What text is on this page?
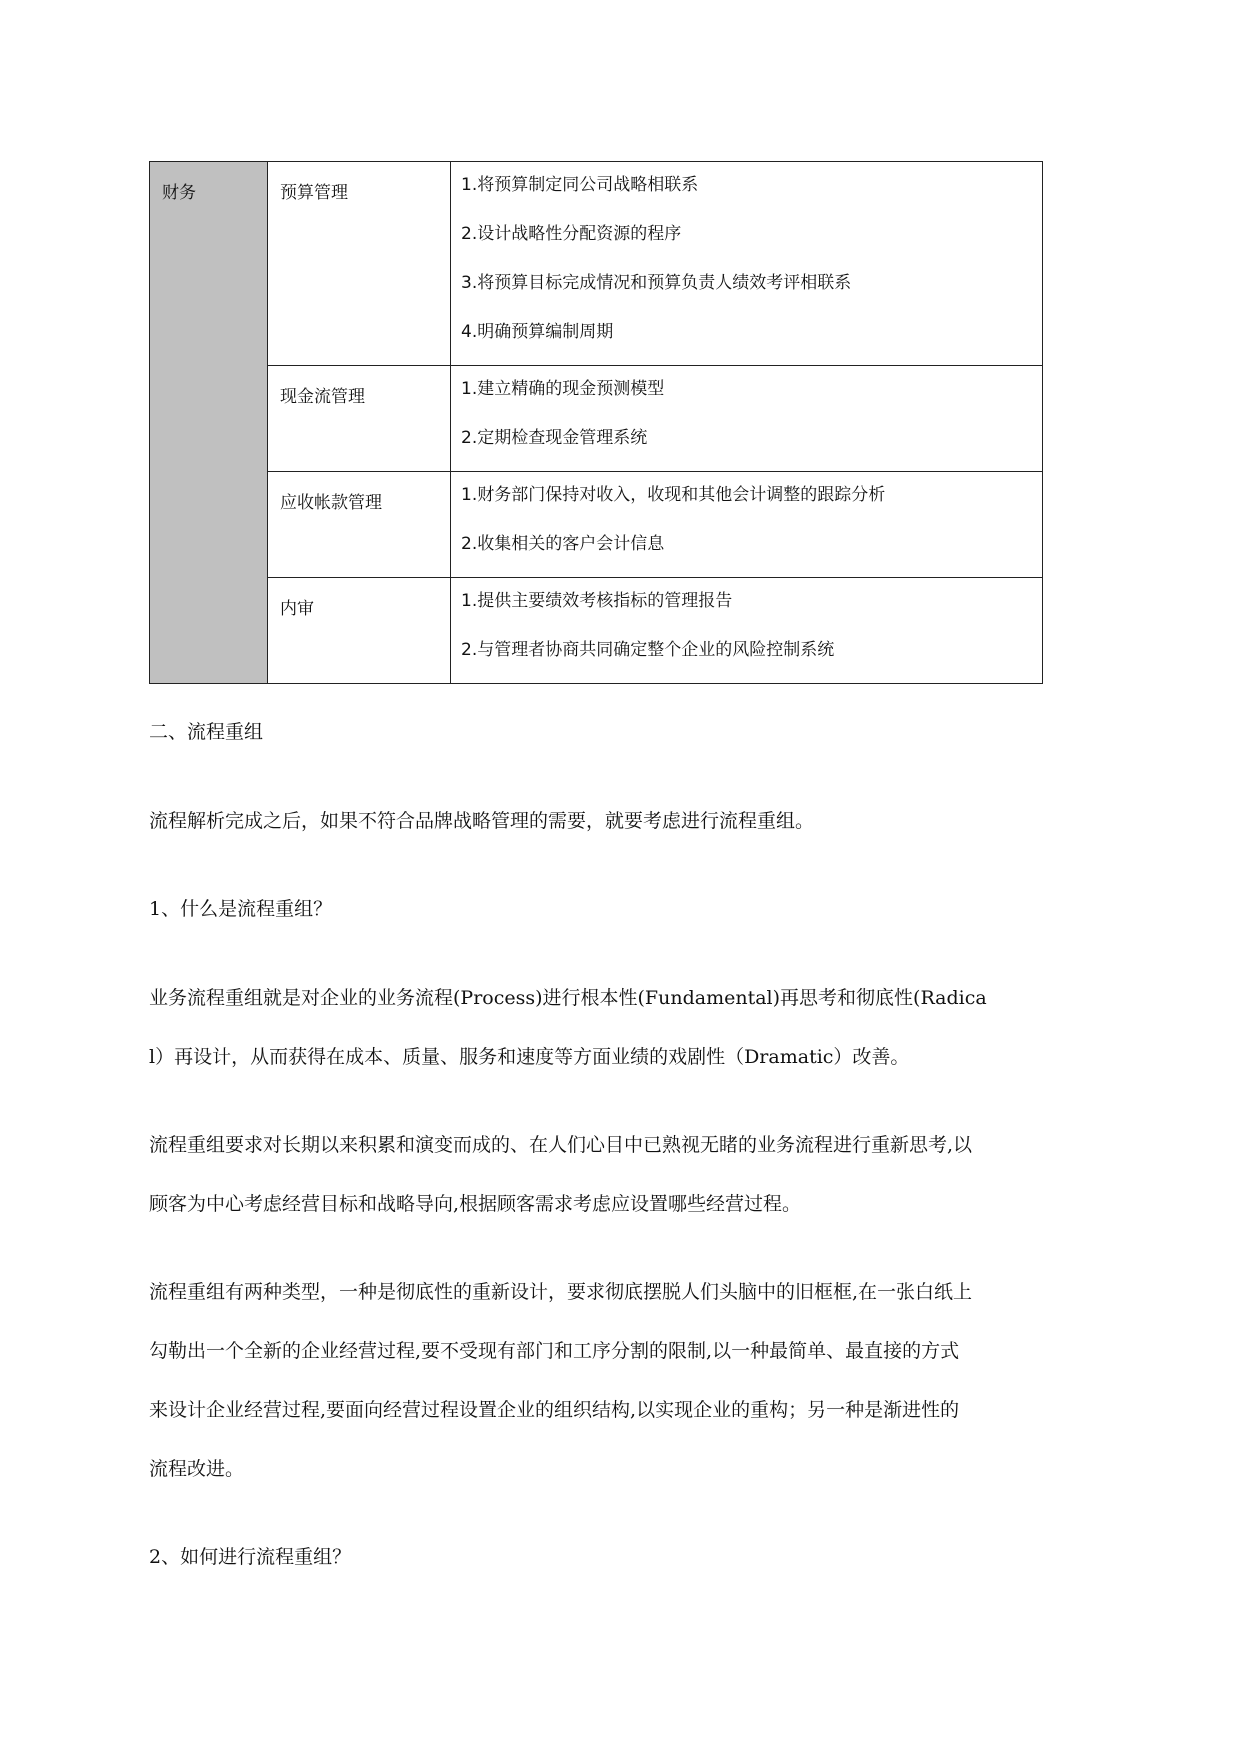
财务	预算管理	1.将预算制定同公司战略相联系
2.设计战略性分配资源的程序
3.将预算目标完成情况和预算负责人绩效考评相联系
4.明确预算编制周期

	现金流管理	1.建立精确的现金预测模型
2.定期检查现金管理系统

	应收帐款管理	1.财务部门保持对收入，收现和其他会计调整的跟踪分析
2.收集相关的客户会计信息

	内审	1.提供主要绩效考核指标的管理报告
2.与管理者协商共同确定整个企业的风险控制系统

二、流程重组

流程解析完成之后，如果不符合品牌战略管理的需要，就要考虑进行流程重组。

1、什么是流程重组？

业务流程重组就是对企业的业务流程(Process)进行根本性(Fundamental)再思考和彻底性(Radica
l）再设计，从而获得在成本、质量、服务和速度等方面业绩的戏剧性（Dramatic）改善。
流程重组要求对长期以来积累和演变而成的、在人们心目中已熟视无睹的业务流程进行重新思考,以
顾客为中心考虑经营目标和战略导向,根据顾客需求考虑应设置哪些经营过程。
流程重组有两种类型，一种是彻底性的重新设计，要求彻底摆脱人们头脑中的旧框框,在一张白纸上
勾勒出一个全新的企业经营过程,要不受现有部门和工序分割的限制,以一种最简单、最直接的方式
来设计企业经营过程,要面向经营过程设置企业的组织结构,以实现企业的重构；另一种是渐进性的
流程改进。

2、如何进行流程重组？
